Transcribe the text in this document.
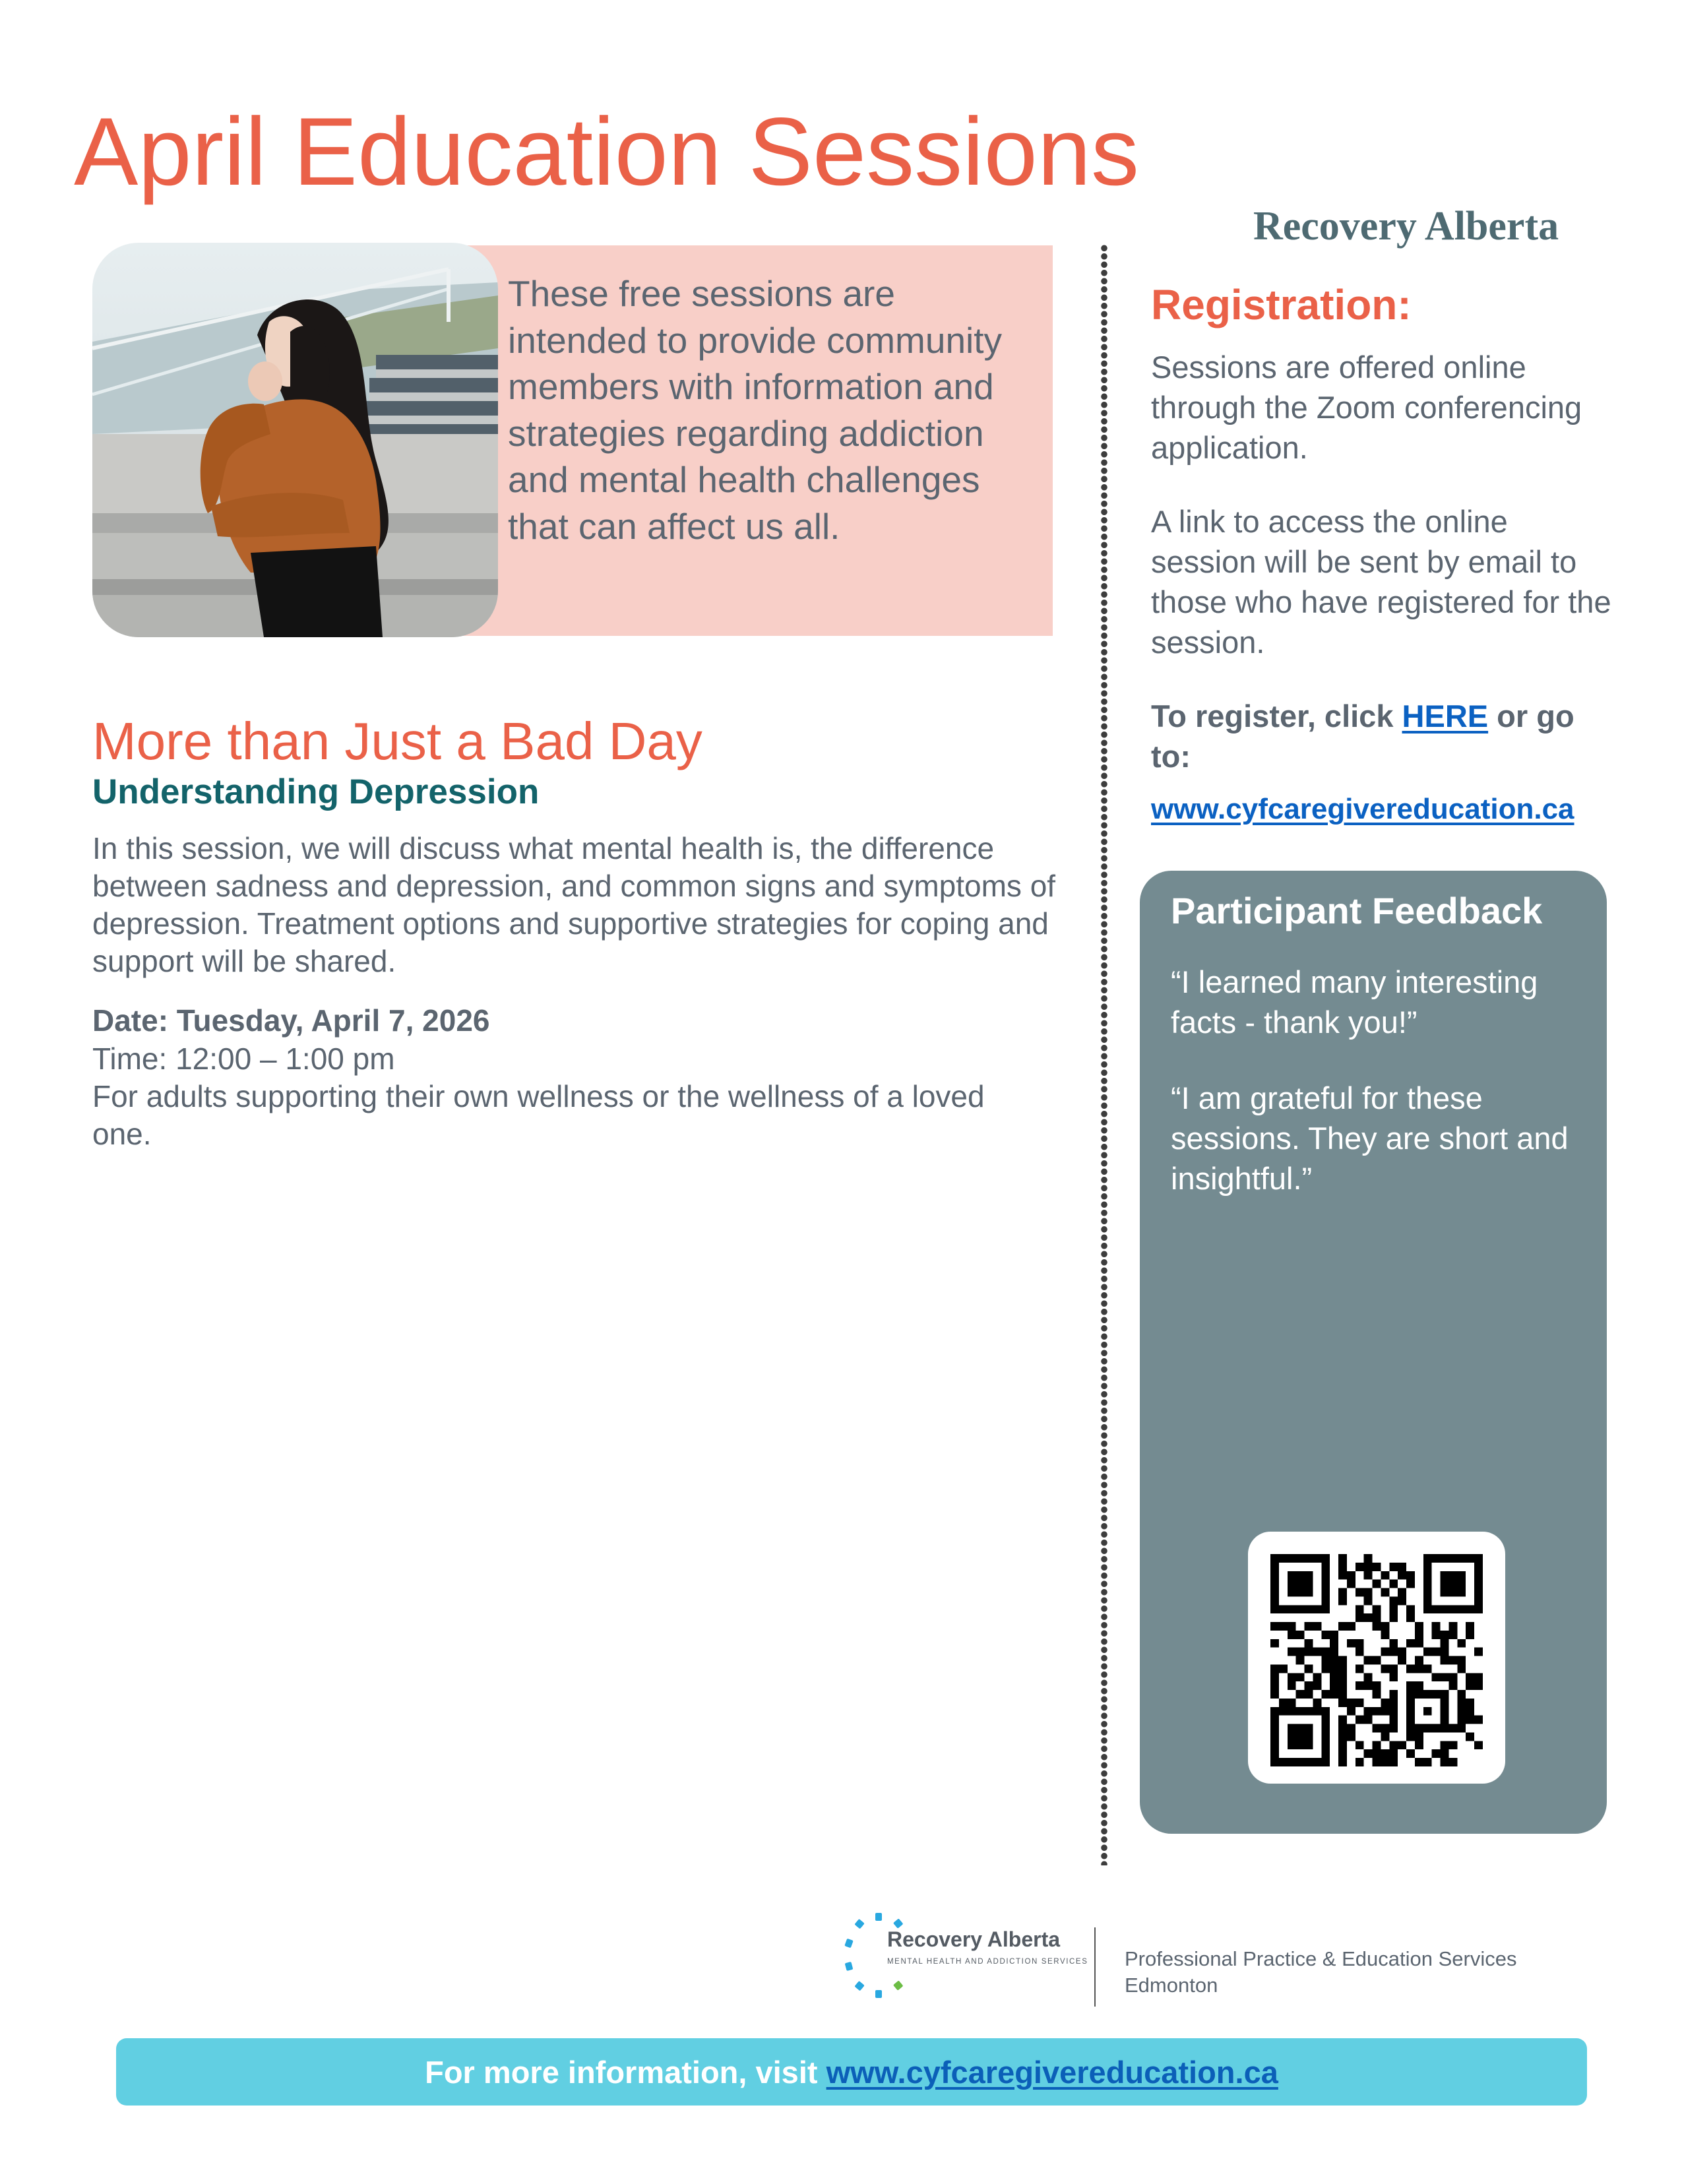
April Education Sessions
Recovery Alberta
These free sessions are intended to provide community members with information and strategies regarding addiction and mental health challenges that can affect us all.
More than Just a Bad Day
Understanding Depression
In this session, we will discuss what mental health is, the difference between sadness and depression, and common signs and symptoms of depression. Treatment options and supportive strategies for coping and support will be shared.
Date: Tuesday, April 7, 2026
Time: 12:00 – 1:00 pm
For adults supporting their own wellness or the wellness of a loved one.
Registration:
Sessions are offered online through the Zoom conferencing application.
A link to access the online session will be sent by email to those who have registered for the session.
To register, click HERE or go to:
www.cyfcaregivereducation.ca
Participant Feedback
“I learned many interesting facts - thank you!”
“I am grateful for these sessions. They are short and insightful.”
Recovery Alberta
MENTAL HEALTH AND ADDICTION SERVICES Professional Practice & Education Services
Edmonton
For more information, visit www.cyfcaregivereducation.ca
